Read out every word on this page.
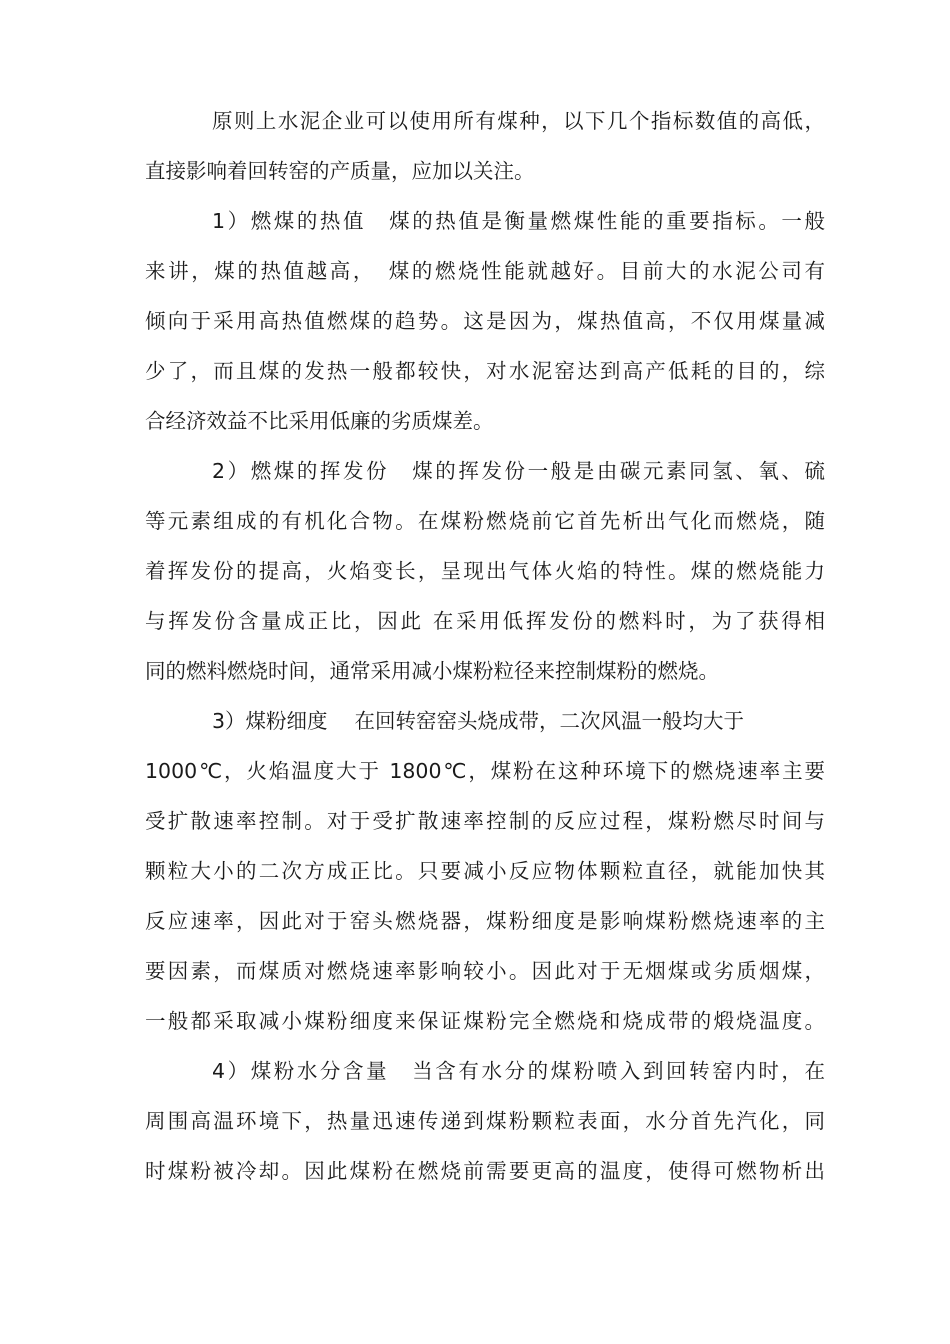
原则上水泥企业可以使用所有煤种，以下几个指标数值的高低，
直接影响着回转窑的产质量，应加以关注。
1）燃煤的热值　煤的热值是衡量燃煤性能的重要指标。一般
来讲，煤的热值越高，　煤的燃烧性能就越好。目前大的水泥公司有
倾向于采用高热值燃煤的趋势。这是因为，煤热值高，不仅用煤量减
少了，而且煤的发热一般都较快，对水泥窑达到高产低耗的目的，综
合经济效益不比采用低廉的劣质煤差。
2）燃煤的挥发份　煤的挥发份一般是由碳元素同氢、氧、硫
等元素组成的有机化合物。在煤粉燃烧前它首先析出气化而燃烧，随
着挥发份的提高，火焰变长，呈现出气体火焰的特性。煤的燃烧能力
与挥发份含量成正比，因此 在采用低挥发份的燃料时，为了获得相
同的燃料燃烧时间，通常采用减小煤粉粒径来控制煤粉的燃烧。
3）煤粉细度　 在回转窑窑头烧成带，二次风温一般均大于
1000℃，火焰温度大于 1800℃，煤粉在这种环境下的燃烧速率主要
受扩散速率控制。对于受扩散速率控制的反应过程，煤粉燃尽时间与
颗粒大小的二次方成正比。只要减小反应物体颗粒直径，就能加快其
反应速率，因此对于窑头燃烧器，煤粉细度是影响煤粉燃烧速率的主
要因素，而煤质对燃烧速率影响较小。因此对于无烟煤或劣质烟煤，
一般都采取减小煤粉细度来保证煤粉完全燃烧和烧成带的煅烧温度。
4）煤粉水分含量　当含有水分的煤粉喷入到回转窑内时，在
周围高温环境下，热量迅速传递到煤粉颗粒表面，水分首先汽化，同
时煤粉被冷却。因此煤粉在燃烧前需要更高的温度，使得可燃物析出
